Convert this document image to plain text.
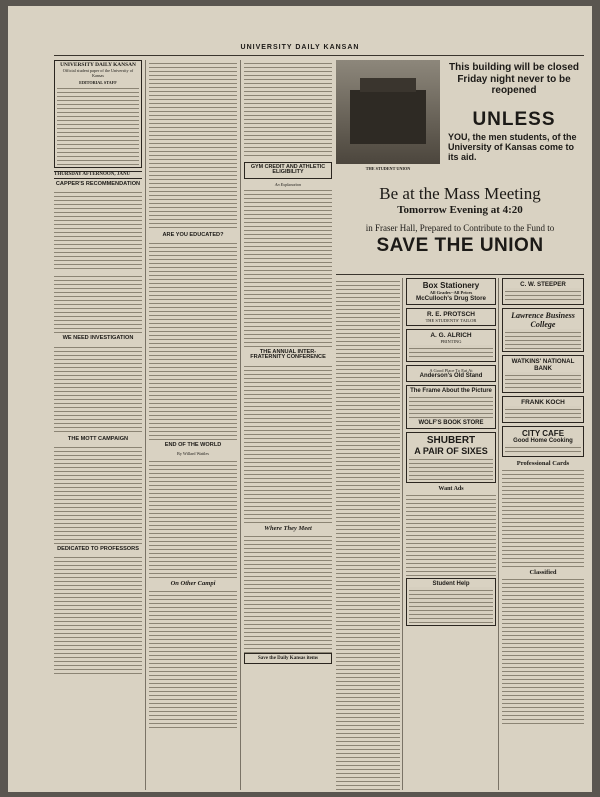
UNIVERSITY DAILY KANSAN
UNIVERSITY DAILY KANSAN
Official student paper of the University of Kansas
EDITORIAL STAFF
THURSDAY AFTERNOON, JANU
CAPPER'S RECOMMENDATION
WE NEED INVESTIGATION
THE MOTT CAMPAIGN
DEDICATED TO PROFESSORS
ARE YOU EDUCATED?
END OF THE WORLD
By Willard Wattles
On Other Campi
GYM CREDIT AND ATHLETIC ELIGIBILITY
An Explanation
THE ANNUAL INTER-FRATERNITY CONFERENCE
Where They Meet
Save the Daily Kansas items
THE STUDENT UNION
This building will be closed Friday night never to be reopened
UNLESS
YOU, the men students, of the University of Kansas come to its aid.
Be at the Mass Meeting
Tomorrow Evening at 4:20
in Fraser Hall, Prepared to Contribute to the Fund to
SAVE THE UNION
Box Stationery
All Grades--All Prices
McCulloch's Drug Store
R. E. PROTSCH
THE STUDENTS' TAILOR
A. G. ALRICH
PRINTING
A Good Place To Eat At
Anderson's Old Stand
The Frame About the Picture
WOLF'S BOOK STORE
SHUBERT
A PAIR OF SIXES
Want Ads
Student Help
C. W. STEEPER
Lawrence Business College
WATKINS' NATIONAL BANK
FRANK KOCH
CITY CAFE
Good Home Cooking
Professional Cards
Classified
